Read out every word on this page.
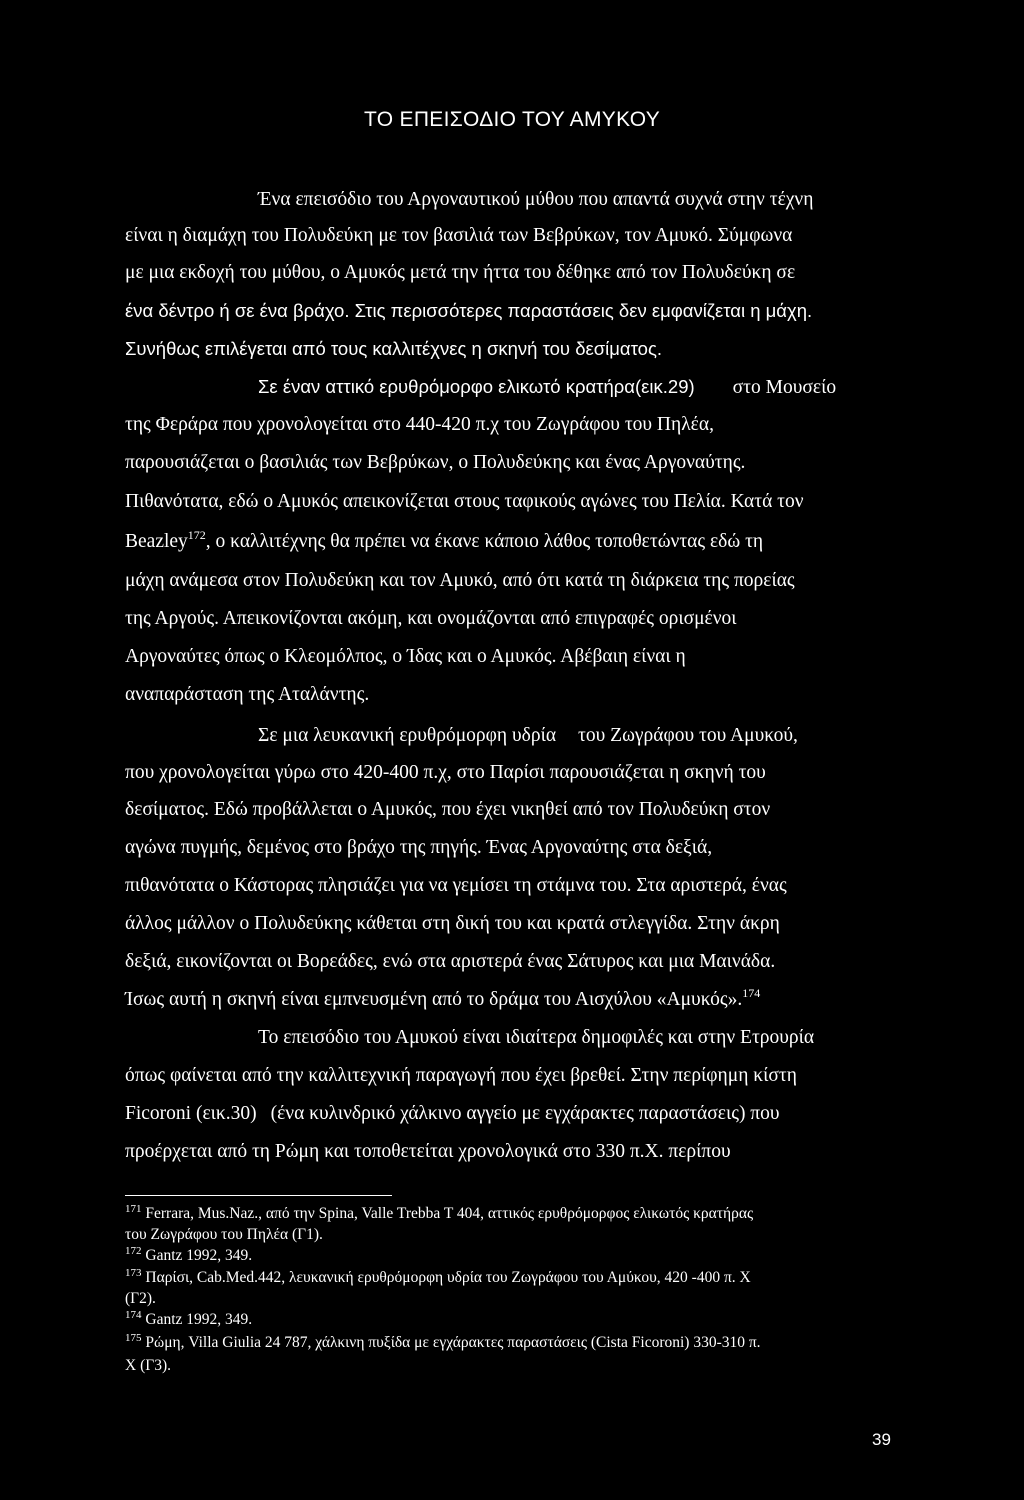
ΤΟ ΕΠΕΙΣΟΔΙΟ ΤΟΥ ΑΜΥΚΟΥ
Ένα επεισόδιο του Αργοναυτικού μύθου που απαντά συχνά στην τέχνη
είναι η διαμάχη του Πολυδεύκη με τον βασιλιά των Βεβρύκων, τον Αμυκό. Σύμφωνα
με μια εκδοχή του μύθου, ο Αμυκός μετά την ήττα του δέθηκε από τον Πολυδεύκη σε
ένα δέντρο ή σε ένα βράχο. Στις περισσότερες παραστάσεις δεν εμφανίζεται η μάχη.
Συνήθως επιλέγεται από τους καλλιτέχνες η σκηνή του δεσίματος.
Σε έναν αττικό ερυθρόμορφο ελικωτό κρατήρα(εικ.29) στο Μουσείο
της Φεράρα που χρονολογείται στο 440-420 π.χ του Ζωγράφου του Πηλέα,
παρουσιάζεται ο βασιλιάς των Βεβρύκων, ο Πολυδεύκης και ένας Αργοναύτης.
Πιθανότατα, εδώ ο Αμυκός απεικονίζεται στους ταφικούς αγώνες του Πελία. Κατά τον
Beazley$^{172}$, ο καλλιτέχνης θα πρέπει να έκανε κάποιο λάθος τοποθετώντας εδώ τη
μάχη ανάμεσα στον Πολυδεύκη και τον Αμυκό, από ότι κατά τη διάρκεια της πορείας
της Αργούς. Απεικονίζονται ακόμη, και ονομάζονται από επιγραφές ορισμένοι
Αργοναύτες όπως ο Κλεομόλπος, ο Ίδας και ο Αμυκός. Αβέβαιη είναι η
αναπαράσταση της Αταλάντης.
Σε μια λευκανική ερυθρόμορφη υδρία του Ζωγράφου του Αμυκού,
που χρονολογείται γύρω στο 420-400 π.χ, στο Παρίσι παρουσιάζεται η σκηνή του
δεσίματος. Εδώ προβάλλεται ο Αμυκός, που έχει νικηθεί από τον Πολυδεύκη στον
αγώνα πυγμής, δεμένος στο βράχο της πηγής. Ένας Αργοναύτης στα δεξιά,
πιθανότατα ο Κάστορας πλησιάζει για να γεμίσει τη στάμνα του. Στα αριστερά, ένας
άλλος μάλλον ο Πολυδεύκης κάθεται στη δική του και κρατά στλεγγίδα. Στην άκρη
δεξιά, εικονίζονται οι Βορεάδες, ενώ στα αριστερά ένας Σάτυρος και μια Μαινάδα.
Ίσως αυτή η σκηνή είναι εμπνευσμένη από το δράμα του Αισχύλου «Αμυκός».$^{174}$
Το επεισόδιο του Αμυκού είναι ιδιαίτερα δημοφιλές και στην Ετρουρία
όπως φαίνεται από την καλλιτεχνική παραγωγή που έχει βρεθεί. Στην περίφημη κίστη
Ficoroni (εικ.30) (ένα κυλινδρικό χάλκινο αγγείο με εγχάρακτες παραστάσεις) που
προέρχεται από τη Ρώμη και τοποθετείται χρονολογικά στο 330 π.Χ. περίπου
$^{171}$ Ferrara, Mus.Naz., από την Spina, Valle Trebba T 404, αττικός ερυθρόμορφος ελικωτός κρατήρας
του Ζωγράφου του Πηλέα (Γ1).
$^{172}$ Gantz 1992, 349.
$^{173}$ Παρίσι, Cab.Med.442, λευκανική ερυθρόμορφη υδρία του Ζωγράφου του Αμύκου, 420 -400 π. Χ
(Γ2).
$^{174}$ Gantz 1992, 349.
$^{175}$ Ρώμη, Villa Giulia 24 787, χάλκινη πυξίδα με εγχάρακτες παραστάσεις (Cista Ficoroni) 330-310 π.
Χ (Γ3).
39
